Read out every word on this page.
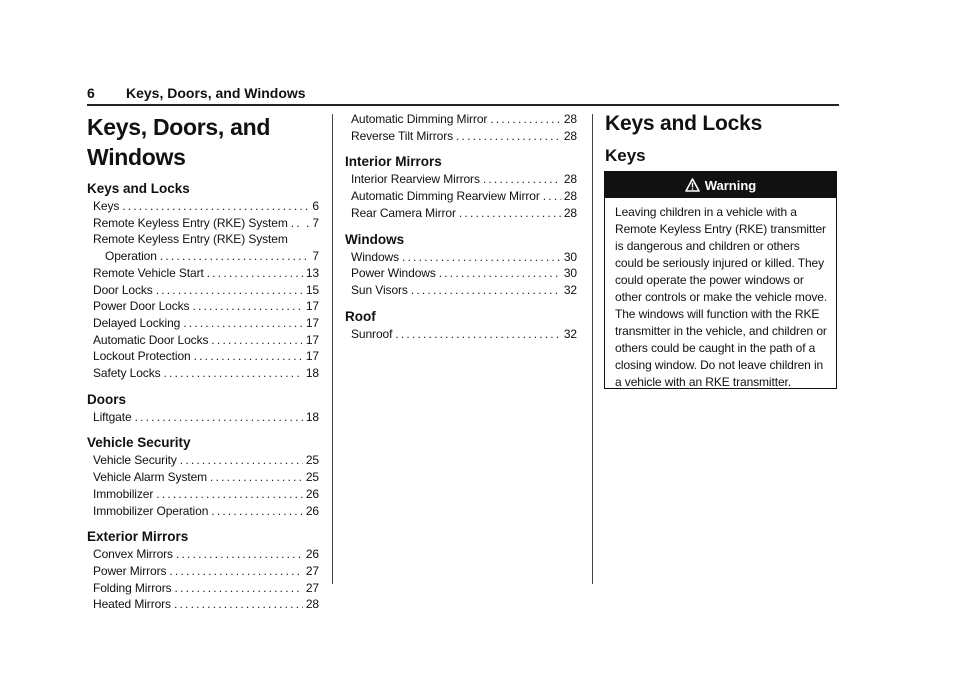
6 Keys, Doors, and Windows
Keys, Doors, and
Windows
Keys and Locks
Keys .....	6
Remote Keyless Entry (RKE) System ..... . 7
Remote Keyless Entry (RKE) System
Operation .....	7
Remote Vehicle Start .....	13
Door Locks .....	15
Power Door Locks .....	17
Delayed Locking .....	17
Automatic Door Locks .....	17
Lockout Protection .....	17
Safety Locks .....	18
Doors
Liftgate .....	18
Vehicle Security
Vehicle Security .....	25
Vehicle Alarm System .....	25
Immobilizer .....	26
Immobilizer Operation .....	26
Exterior Mirrors
Convex Mirrors .....	26
Power Mirrors .....	27
Folding Mirrors .....	27
Heated Mirrors .....	28
Automatic Dimming Mirror .....	28
Reverse Tilt Mirrors .....	28
Interior Mirrors
Interior Rearview Mirrors .....	28
Automatic Dimming Rearview Mirror ..... 28
Rear Camera Mirror .....	28
Windows
Windows .....	30
Power Windows .....	30
Sun Visors .....	32
Roof
Sunroof .....	32
Keys and Locks
Keys
Warning
Leaving children in a vehicle with a Remote Keyless Entry (RKE) transmitter is dangerous and children or others could be seriously injured or killed. They could operate the power windows or other controls or make the vehicle move. The windows will function with the RKE transmitter in the vehicle, and children or others could be caught in the path of a closing window. Do not leave children in a vehicle with an RKE transmitter.
